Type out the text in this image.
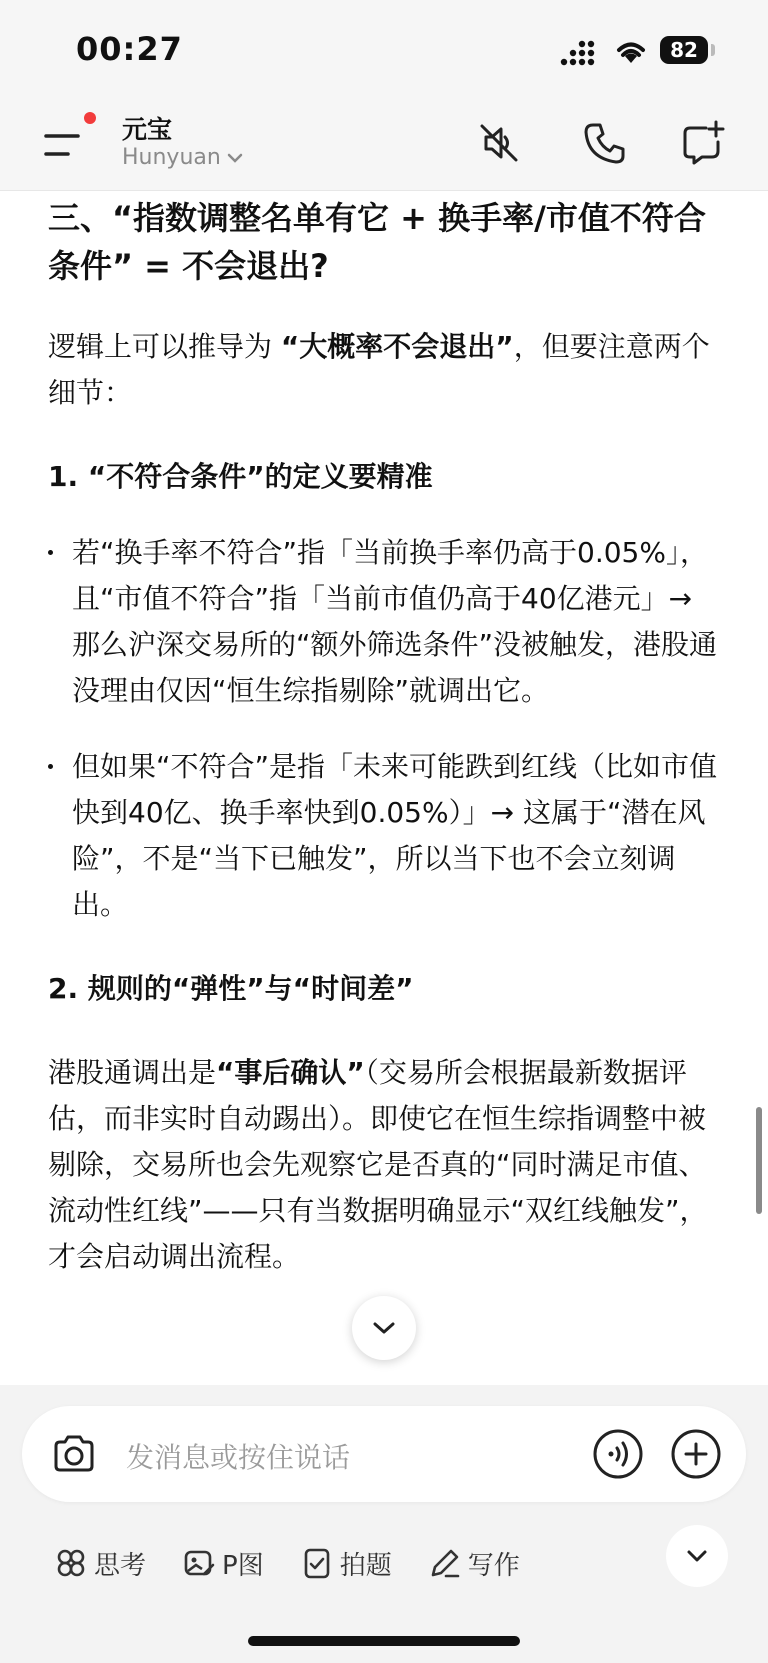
00:27	82
元宝
Hunyuan

三、“指数调整名单有它 + 换手率/市值不符合条件” = 不会退出?

逻辑上可以推导为 “大概率不会退出”，但要注意两个细节：

1. “不符合条件”的定义要精准

若“换手率不符合”指「当前换手率仍高于0.05%」，且“市值不符合”指「当前市值仍高于40亿港元」→ 那么沪深交易所的“额外筛选条件”没被触发，港股通没理由仅因“恒生综指剔除”就调出它。
但如果“不符合”是指「未来可能跌到红线（比如市值快到40亿、换手率快到0.05%）」→ 这属于“潜在风险”，不是“当下已触发”，所以当下也不会立刻调出。

2. 规则的“弹性”与“时间差”

港股通调出是“事后确认”（交易所会根据最新数据评估，而非实时自动踢出）。即使它在恒生综指调整中被剔除，交易所也会先观察它是否真的“同时满足市值、流动性红线”——只有当数据明确显示“双红线触发”，才会启动调出流程。

发消息或按住说话
思考	P图	拍题	写作
